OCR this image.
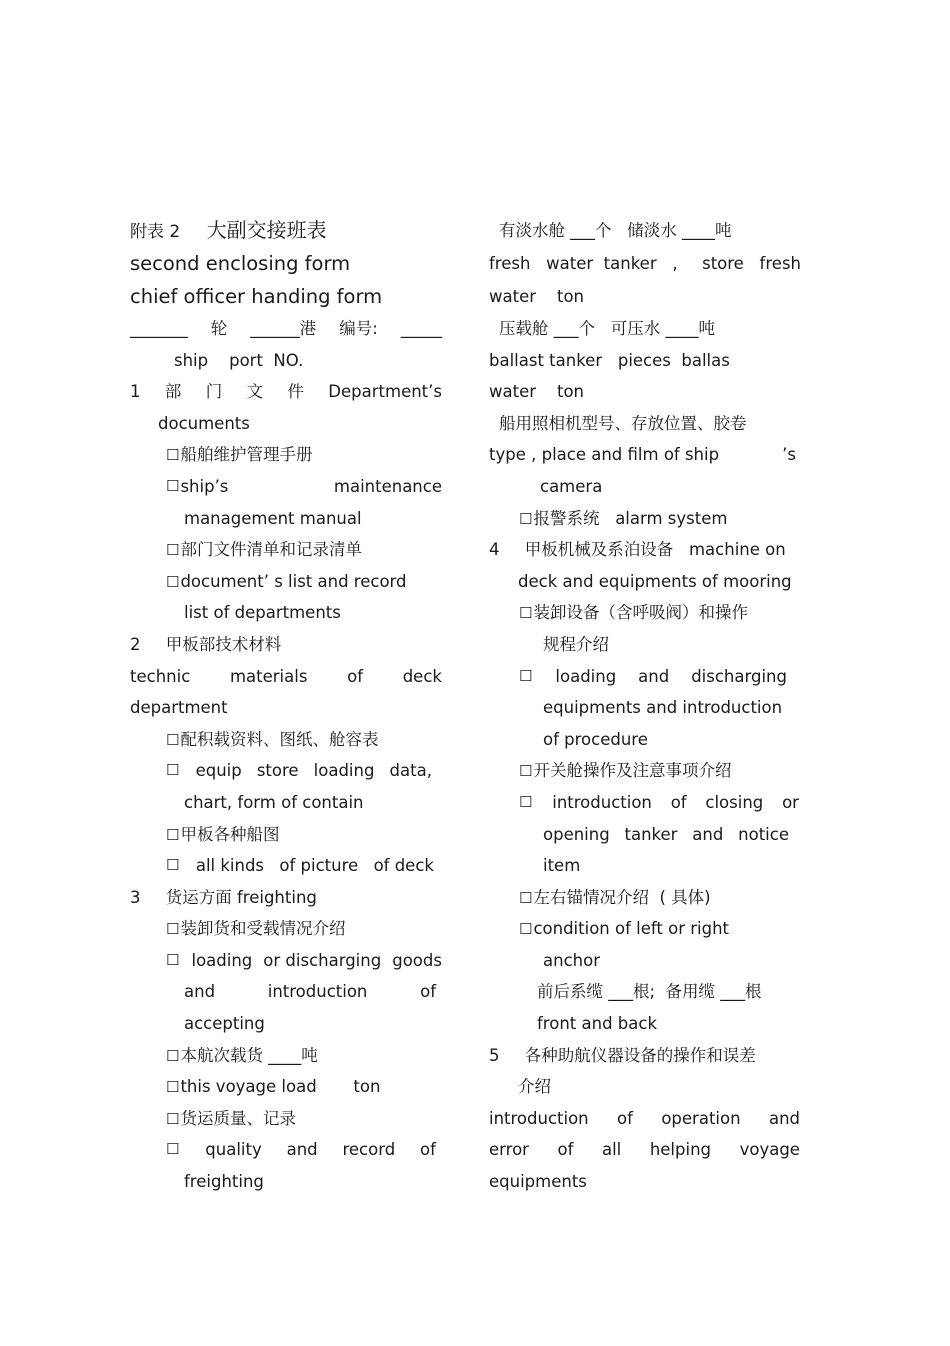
附表 2 大副交接班表
second enclosing form
chief officer handing form
_______ 轮 ______港 编号: _____
ship    port  NO.
1 部 门 文 件 Department’s
documents
☐ 船舶维护管理手册
☐ ship’s	maintenance
management manual
☐ 部门文件清单和记录清单
☐ document’ s list and record
list of departments
2 甲板部技术材料
technic materials of deck
department
☐ 配积载资料、图纸、舱容表
☐ equip store loading data,
chart, form of contain
☐ 甲板各种船图
☐ all kinds of picture of deck
3 货运方面 freighting
☐ 装卸货和受载情况介绍
☐ loading or discharging goods
and	introduction	of
accepting
☐ 本航次载货 ____吨
☐ this voyage load       ton
☐ 货运质量、记录
☐ quality and record of
freighting
有淡水舱 ___个   储淡水 ____吨
fresh   water  tanker   , store   fresh
water    ton
压载舱 ___个   可压水 ____吨
ballast tanker   pieces  ballas
water    ton
船用照相机型号、存放位置、胶卷
type , place and film of ship	’s
camera
☐ 报警系统   alarm system
4 甲板机械及系泊设备   machine on
deck and equipments of mooring
☐ 装卸设备（含呼吸阀）和操作
规程介绍
☐ loading and discharging
equipments and introduction
of procedure
☐ 开关舱操作及注意事项介绍
☐ introduction of closing or
opening tanker and notice
item
☐ 左右锚情况介绍  ( 具体)
☐ condition of left or right
anchor
前后系缆 ___根;  备用缆 ___根
front and back
5 各种助航仪器设备的操作和误差
介绍
introduction of operation and
error of all helping voyage
equipments
